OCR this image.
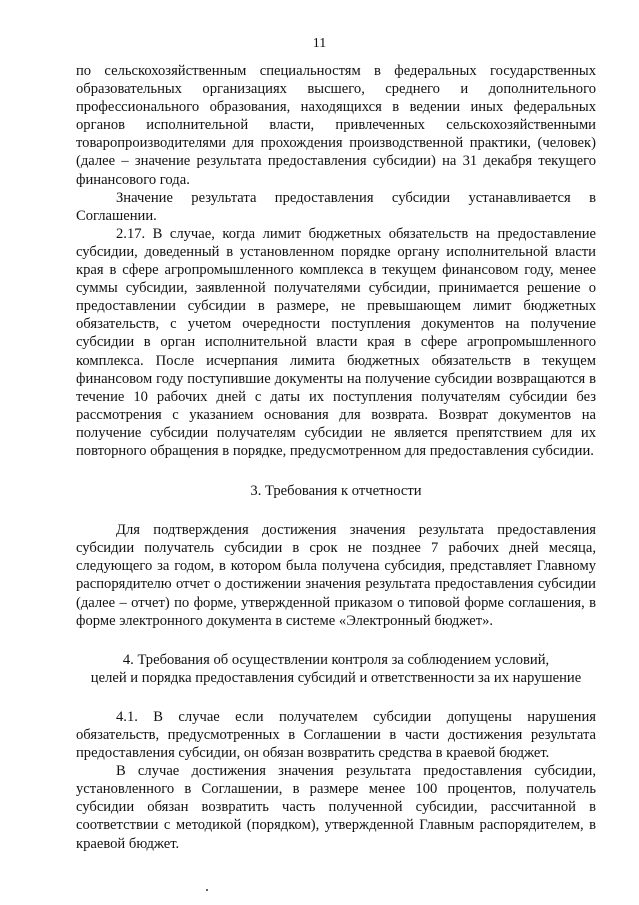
11

по сельскохозяйственным специальностям в федеральных государственных образовательных организациях высшего, среднего и дополнительного профессионального образования, находящихся в ведении иных федеральных органов исполнительной власти, привлеченных сельскохозяйственными товаропроизводителями для прохождения производственной практики, (человек) (далее – значение результата предоставления субсидии) на 31 декабря текущего финансового года.

Значение результата предоставления субсидии устанавливается в Соглашении.

2.17. В случае, когда лимит бюджетных обязательств на предоставление субсидии, доведенный в установленном порядке органу исполнительной власти края в сфере агропромышленного комплекса в текущем финансовом году, менее суммы субсидии, заявленной получателями субсидии, принимается решение о предоставлении субсидии в размере, не превышающем лимит бюджетных обязательств, с учетом очередности поступления документов на получение субсидии в орган исполнительной власти края в сфере агропромышленного комплекса. После исчерпания лимита бюджетных обязательств в текущем финансовом году поступившие документы на получение субсидии возвращаются в течение 10 рабочих дней с даты их поступления получателям субсидии без рассмотрения с указанием основания для возврата. Возврат документов на получение субсидии получателям субсидии не является препятствием для их повторного обращения в порядке, предусмотренном для предоставления субсидии.

3. Требования к отчетности

Для подтверждения достижения значения результата предоставления субсидии получатель субсидии в срок не позднее 7 рабочих дней месяца, следующего за годом, в котором была получена субсидия, представляет Главному распорядителю отчет о достижении значения результата предоставления субсидии (далее – отчет) по форме, утвержденной приказом о типовой форме соглашения, в форме электронного документа в системе «Электронный бюджет».

4. Требования об осуществлении контроля за соблюдением условий,
целей и порядка предоставления субсидий и ответственности за их нарушение

4.1. В случае если получателем субсидии допущены нарушения обязательств, предусмотренных в Соглашении в части достижения результата предоставления субсидии, он обязан возвратить средства в краевой бюджет.

В случае достижения значения результата предоставления субсидии, установленного в Соглашении, в размере менее 100 процентов, получатель субсидии обязан возвратить часть полученной субсидии, рассчитанной в соответствии с методикой (порядком), утвержденной Главным распорядителем, в краевой бюджет.
